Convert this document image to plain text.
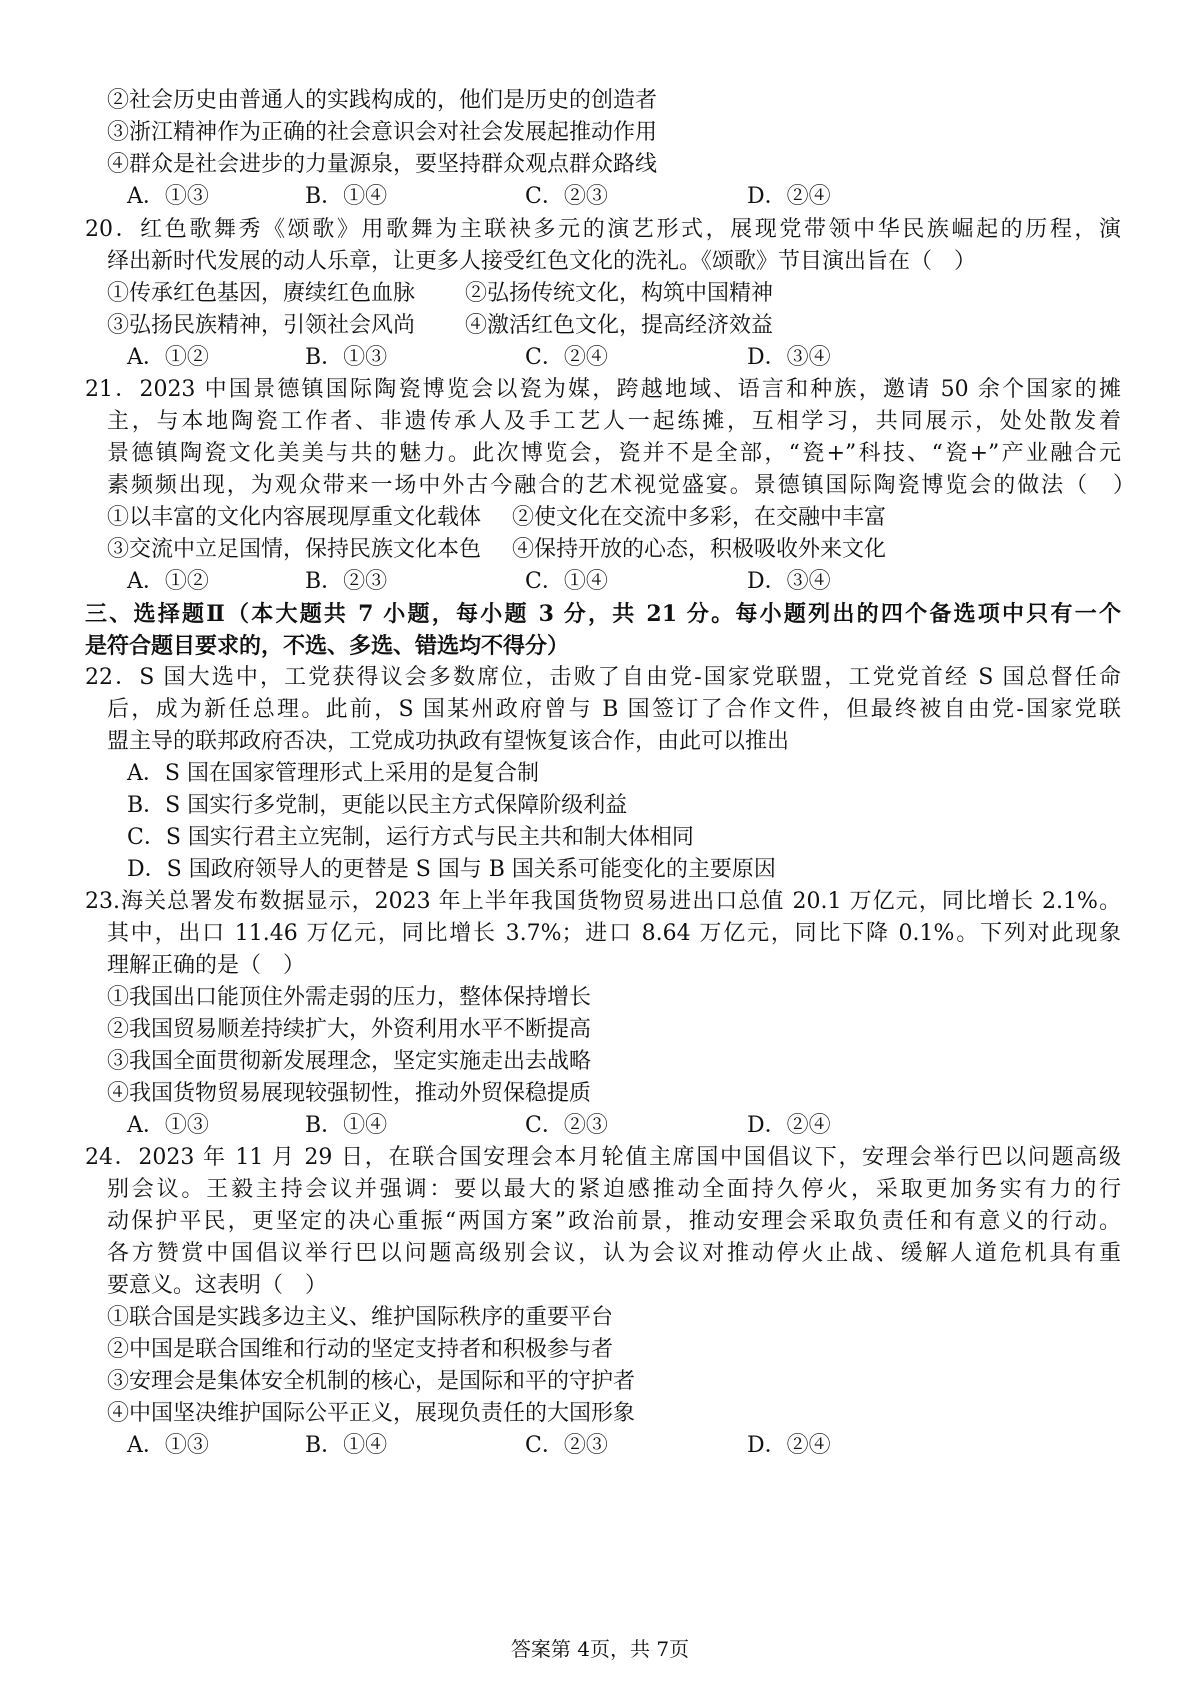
②社会历史由普通人的实践构成的，他们是历史的创造者
③浙江精神作为正确的社会意识会对社会发展起推动作用
④群众是社会进步的力量源泉，要坚持群众观点群众路线
A．①③	B．①④	C．②③	D．②④
20．红色歌舞秀《颂歌》用歌舞为主联袂多元的演艺形式，展现党带领中华民族崛起的历程，演
绎出新时代发展的动人乐章，让更多人接受红色文化的洗礼。《颂歌》节目演出旨在（　）
①传承红色基因，赓续红色血脉 ②弘扬传统文化，构筑中国精神
③弘扬民族精神，引领社会风尚 ④激活红色文化，提高经济效益
A．①②	B．①③	C．②④	D．③④
21．2023 中国景德镇国际陶瓷博览会以瓷为媒，跨越地域、语言和种族，邀请 50 余个国家的摊
主，与本地陶瓷工作者、非遗传承人及手工艺人一起练摊，互相学习，共同展示，处处散发着
景德镇陶瓷文化美美与共的魅力。此次博览会，瓷并不是全部，“瓷+”科技、“瓷+”产业融合元
素频频出现，为观众带来一场中外古今融合的艺术视觉盛宴。景德镇国际陶瓷博览会的做法（　）
①以丰富的文化内容展现厚重文化载体 ②使文化在交流中多彩，在交融中丰富
③交流中立足国情，保持民族文化本色 ④保持开放的心态，积极吸收外来文化
A．①②	B．②③	C．①④	D．③④
三、选择题Ⅱ（本大题共 7 小题，每小题 3 分，共 21 分。每小题列出的四个备选项中只有一个
是符合题目要求的，不选、多选、错选均不得分）
22．S 国大选中，工党获得议会多数席位，击败了自由党-国家党联盟，工党党首经 S 国总督任命
后，成为新任总理。此前，S 国某州政府曾与 B 国签订了合作文件，但最终被自由党-国家党联
盟主导的联邦政府否决，工党成功执政有望恢复该合作，由此可以推出
A．S 国在国家管理形式上采用的是复合制
B．S 国实行多党制，更能以民主方式保障阶级利益
C．S 国实行君主立宪制，运行方式与民主共和制大体相同
D．S 国政府领导人的更替是 S 国与 B 国关系可能变化的主要原因
23.海关总署发布数据显示，2023 年上半年我国货物贸易进出口总值 20.1 万亿元，同比增长 2.1%。
其中，出口 11.46 万亿元，同比增长 3.7%；进口 8.64 万亿元，同比下降 0.1%。下列对此现象
理解正确的是（　）
①我国出口能顶住外需走弱的压力，整体保持增长
②我国贸易顺差持续扩大，外资利用水平不断提高
③我国全面贯彻新发展理念，坚定实施走出去战略
④我国货物贸易展现较强韧性，推动外贸保稳提质
A．①③	B．①④	C．②③	D．②④
24．2023 年 11 月 29 日，在联合国安理会本月轮值主席国中国倡议下，安理会举行巴以问题高级
别会议。王毅主持会议并强调：要以最大的紧迫感推动全面持久停火，采取更加务实有力的行
动保护平民，更坚定的决心重振“两国方案”政治前景，推动安理会采取负责任和有意义的行动。
各方赞赏中国倡议举行巴以问题高级别会议，认为会议对推动停火止战、缓解人道危机具有重
要意义。这表明（　）
①联合国是实践多边主义、维护国际秩序的重要平台
②中国是联合国维和行动的坚定支持者和积极参与者
③安理会是集体安全机制的核心，是国际和平的守护者
④中国坚决维护国际公平正义，展现负责任的大国形象
A．①③	B．①④	C．②③	D．②④
答案第 4页，共 7页
